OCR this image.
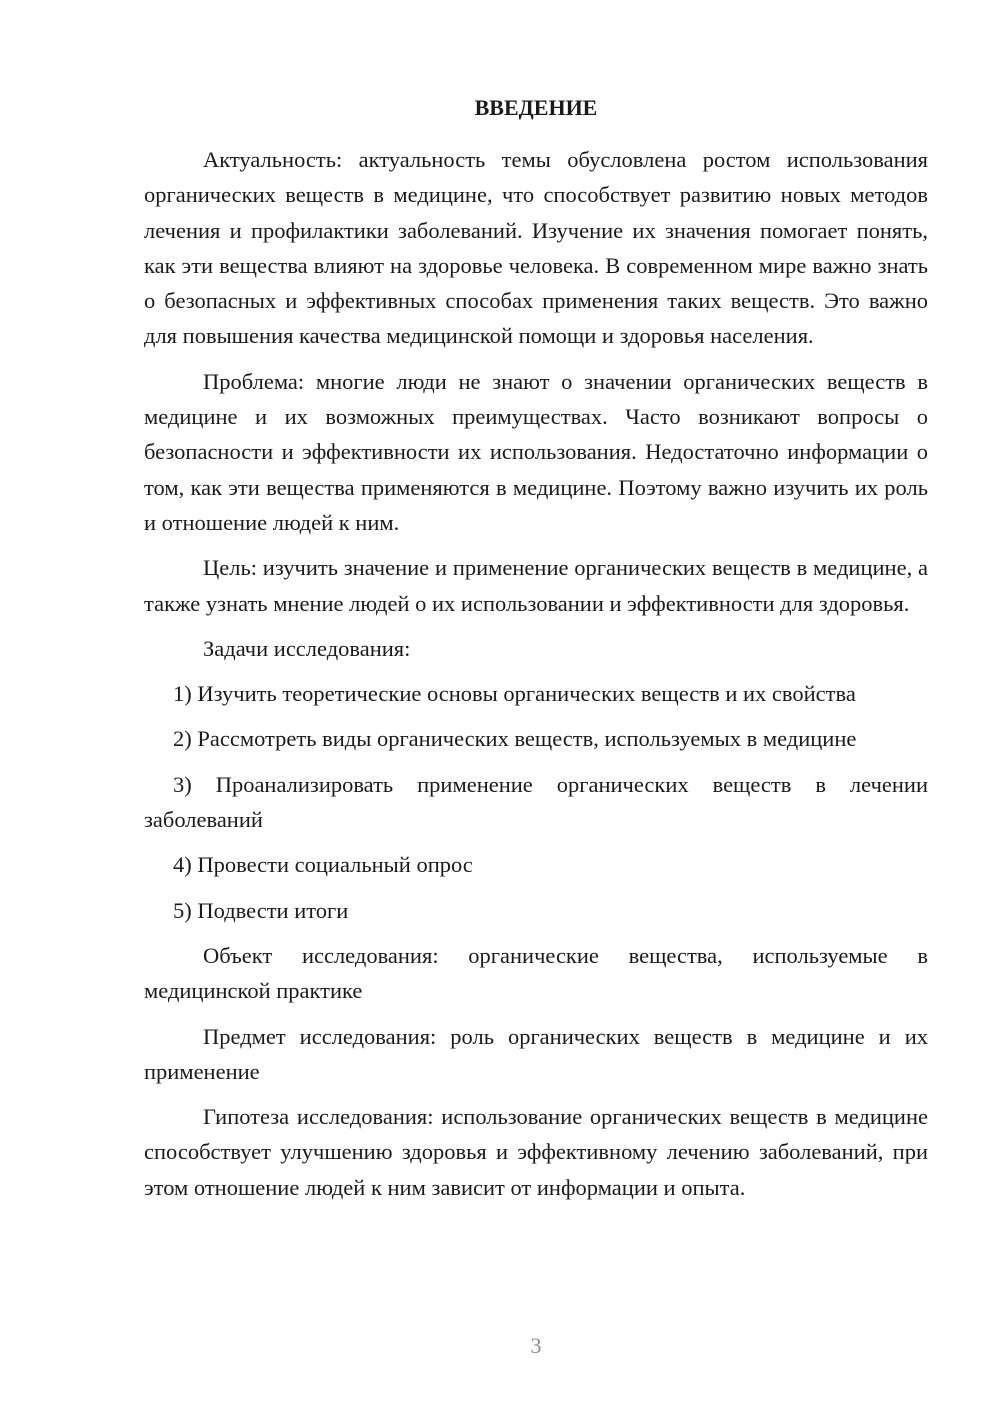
ВВЕДЕНИЕ

Актуальность: актуальность темы обусловлена ростом использования органических веществ в медицине, что способствует развитию новых методов лечения и профилактики заболеваний. Изучение их значения помогает понять, как эти вещества влияют на здоровье человека. В современном мире важно знать о безопасных и эффективных способах применения таких веществ. Это важно для повышения качества медицинской помощи и здоровья населения.

Проблема: многие люди не знают о значении органических веществ в медицине и их возможных преимуществах. Часто возникают вопросы о безопасности и эффективности их использования. Недостаточно информации о том, как эти вещества применяются в медицине. Поэтому важно изучить их роль и отношение людей к ним.

Цель: изучить значение и применение органических веществ в медицине, а также узнать мнение людей о их использовании и эффективности для здоровья.

Задачи исследования:

1) Изучить теоретические основы органических веществ и их свойства

2) Рассмотреть виды органических веществ, используемых в медицине

3) Проанализировать применение органических веществ в лечении заболеваний

4) Провести социальный опрос

5) Подвести итоги

Объект исследования: органические вещества, используемые в медицинской практике

Предмет исследования: роль органических веществ в медицине и их применение

Гипотеза исследования: использование органических веществ в медицине способствует улучшению здоровья и эффективному лечению заболеваний, при этом отношение людей к ним зависит от информации и опыта.

3
